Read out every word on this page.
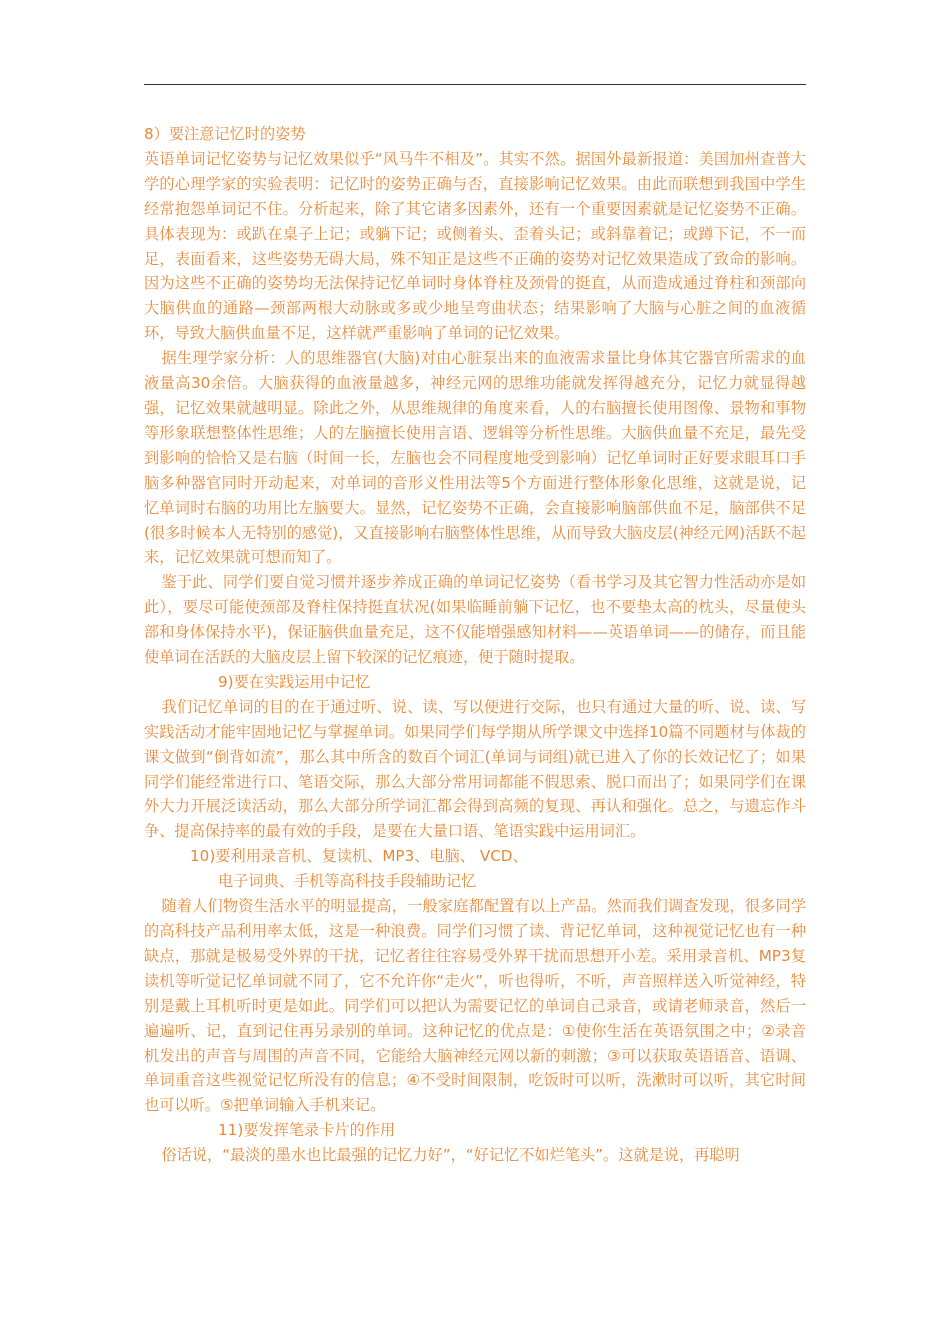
8）要注意记忆时的姿势

英语单词记忆姿势与记忆效果似乎“风马牛不相及”。其实不然。据国外最新报道：美国加州查普大学的心理学家的实验表明：记忆时的姿势正确与否，直接影响记忆效果。由此而联想到我国中学生经常抱怨单词记不住。分析起来，除了其它诸多因素外，还有一个重要因素就是记忆姿势不正确。具体表现为：或趴在桌子上记；或躺下记；或侧着头、歪着头记；或斜靠着记；或蹲下记，不一而足，表面看来，这些姿势无碍大局，殊不知正是这些不正确的姿势对记忆效果造成了致命的影响。因为这些不正确的姿势均无法保持记忆单词时身体脊柱及颈骨的挺直，从而造成通过脊柱和颈部向大脑供血的通路—颈部两根大动脉或多或少地呈弯曲状态；结果影响了大脑与心脏之间的血液循环，导致大脑供血量不足，这样就严重影响了单词的记忆效果。

据生理学家分析：人的思维器官(大脑)对由心脏泵出来的血液需求量比身体其它器官所需求的血液量高30余倍。大脑获得的血液量越多，神经元网的思维功能就发挥得越充分，记忆力就显得越强，记忆效果就越明显。除此之外，从思维规律的角度来看，人的右脑擅长使用图像、景物和事物等形象联想整体性思维；人的左脑擅长使用言语、逻辑等分析性思维。大脑供血量不充足，最先受到影响的恰恰又是右脑（时间一长，左脑也会不同程度地受到影响）记忆单词时正好要求眼耳口手脑多种器官同时开动起来，对单词的音形义性用法等5个方面进行整体形象化思维，这就是说，记忆单词时右脑的功用比左脑要大。显然，记忆姿势不正确，会直接影响脑部供血不足，脑部供不足(很多时候本人无特别的感觉)，又直接影响右脑整体性思维，从而导致大脑皮层(神经元网)活跃不起来，记忆效果就可想而知了。

鉴于此、同学们要自觉习惯并逐步养成正确的单词记忆姿势（看书学习及其它智力性活动亦是如此），要尽可能使颈部及脊柱保持挺直状况(如果临睡前躺下记忆，也不要垫太高的枕头，尽量使头部和身体保持水平)，保证脑供血量充足，这不仅能增强感知材料——英语单词——的储存，而且能使单词在活跃的大脑皮层上留下较深的记忆痕迹，便于随时提取。

9)要在实践运用中记忆

我们记忆单词的目的在于通过听、说、读、写以便进行交际，也只有通过大量的听、说、读、写实践活动才能牢固地记忆与掌握单词。如果同学们每学期从所学课文中选择10篇不同题材与体裁的课文做到“倒背如流”，那么其中所含的数百个词汇(单词与词组)就已进入了你的长效记忆了；如果同学们能经常进行口、笔语交际，那么大部分常用词都能不假思索、脱口而出了；如果同学们在课外大力开展泛读活动，那么大部分所学词汇都会得到高频的复现、再认和强化。总之，与遗忘作斗争、提高保持率的最有效的手段，是要在大量口语、笔语实践中运用词汇。

10)要利用录音机、复读机、MP3、电脑、 VCD、

电子词典、手机等高科技手段辅助记忆

随着人们物资生活水平的明显提高，一般家庭都配置有以上产品。然而我们调查发现，很多同学的高科技产品利用率太低，这是一种浪费。同学们习惯了读、背记忆单词，这种视觉记忆也有一种缺点，那就是极易受外界的干扰，记忆者往往容易受外界干扰而思想开小差。采用录音机、MP3复读机等听觉记忆单词就不同了，它不允许你“走火”，听也得听，不听，声音照样送入听觉神经，特别是戴上耳机听时更是如此。同学们可以把认为需要记忆的单词自己录音，或请老师录音，然后一遍遍听、记，直到记住再另录别的单词。这种记忆的优点是：①使你生活在英语氛围之中；②录音机发出的声音与周围的声音不同，它能给大脑神经元网以新的刺激；③可以获取英语语音、语调、单词重音这些视觉记忆所没有的信息；④不受时间限制，吃饭时可以听，洗漱时可以听，其它时间也可以听。⑤把单词输入手机来记。

11)要发挥笔录卡片的作用

俗话说，“最淡的墨水也比最强的记忆力好”，“好记忆不如烂笔头”。这就是说，再聪明
